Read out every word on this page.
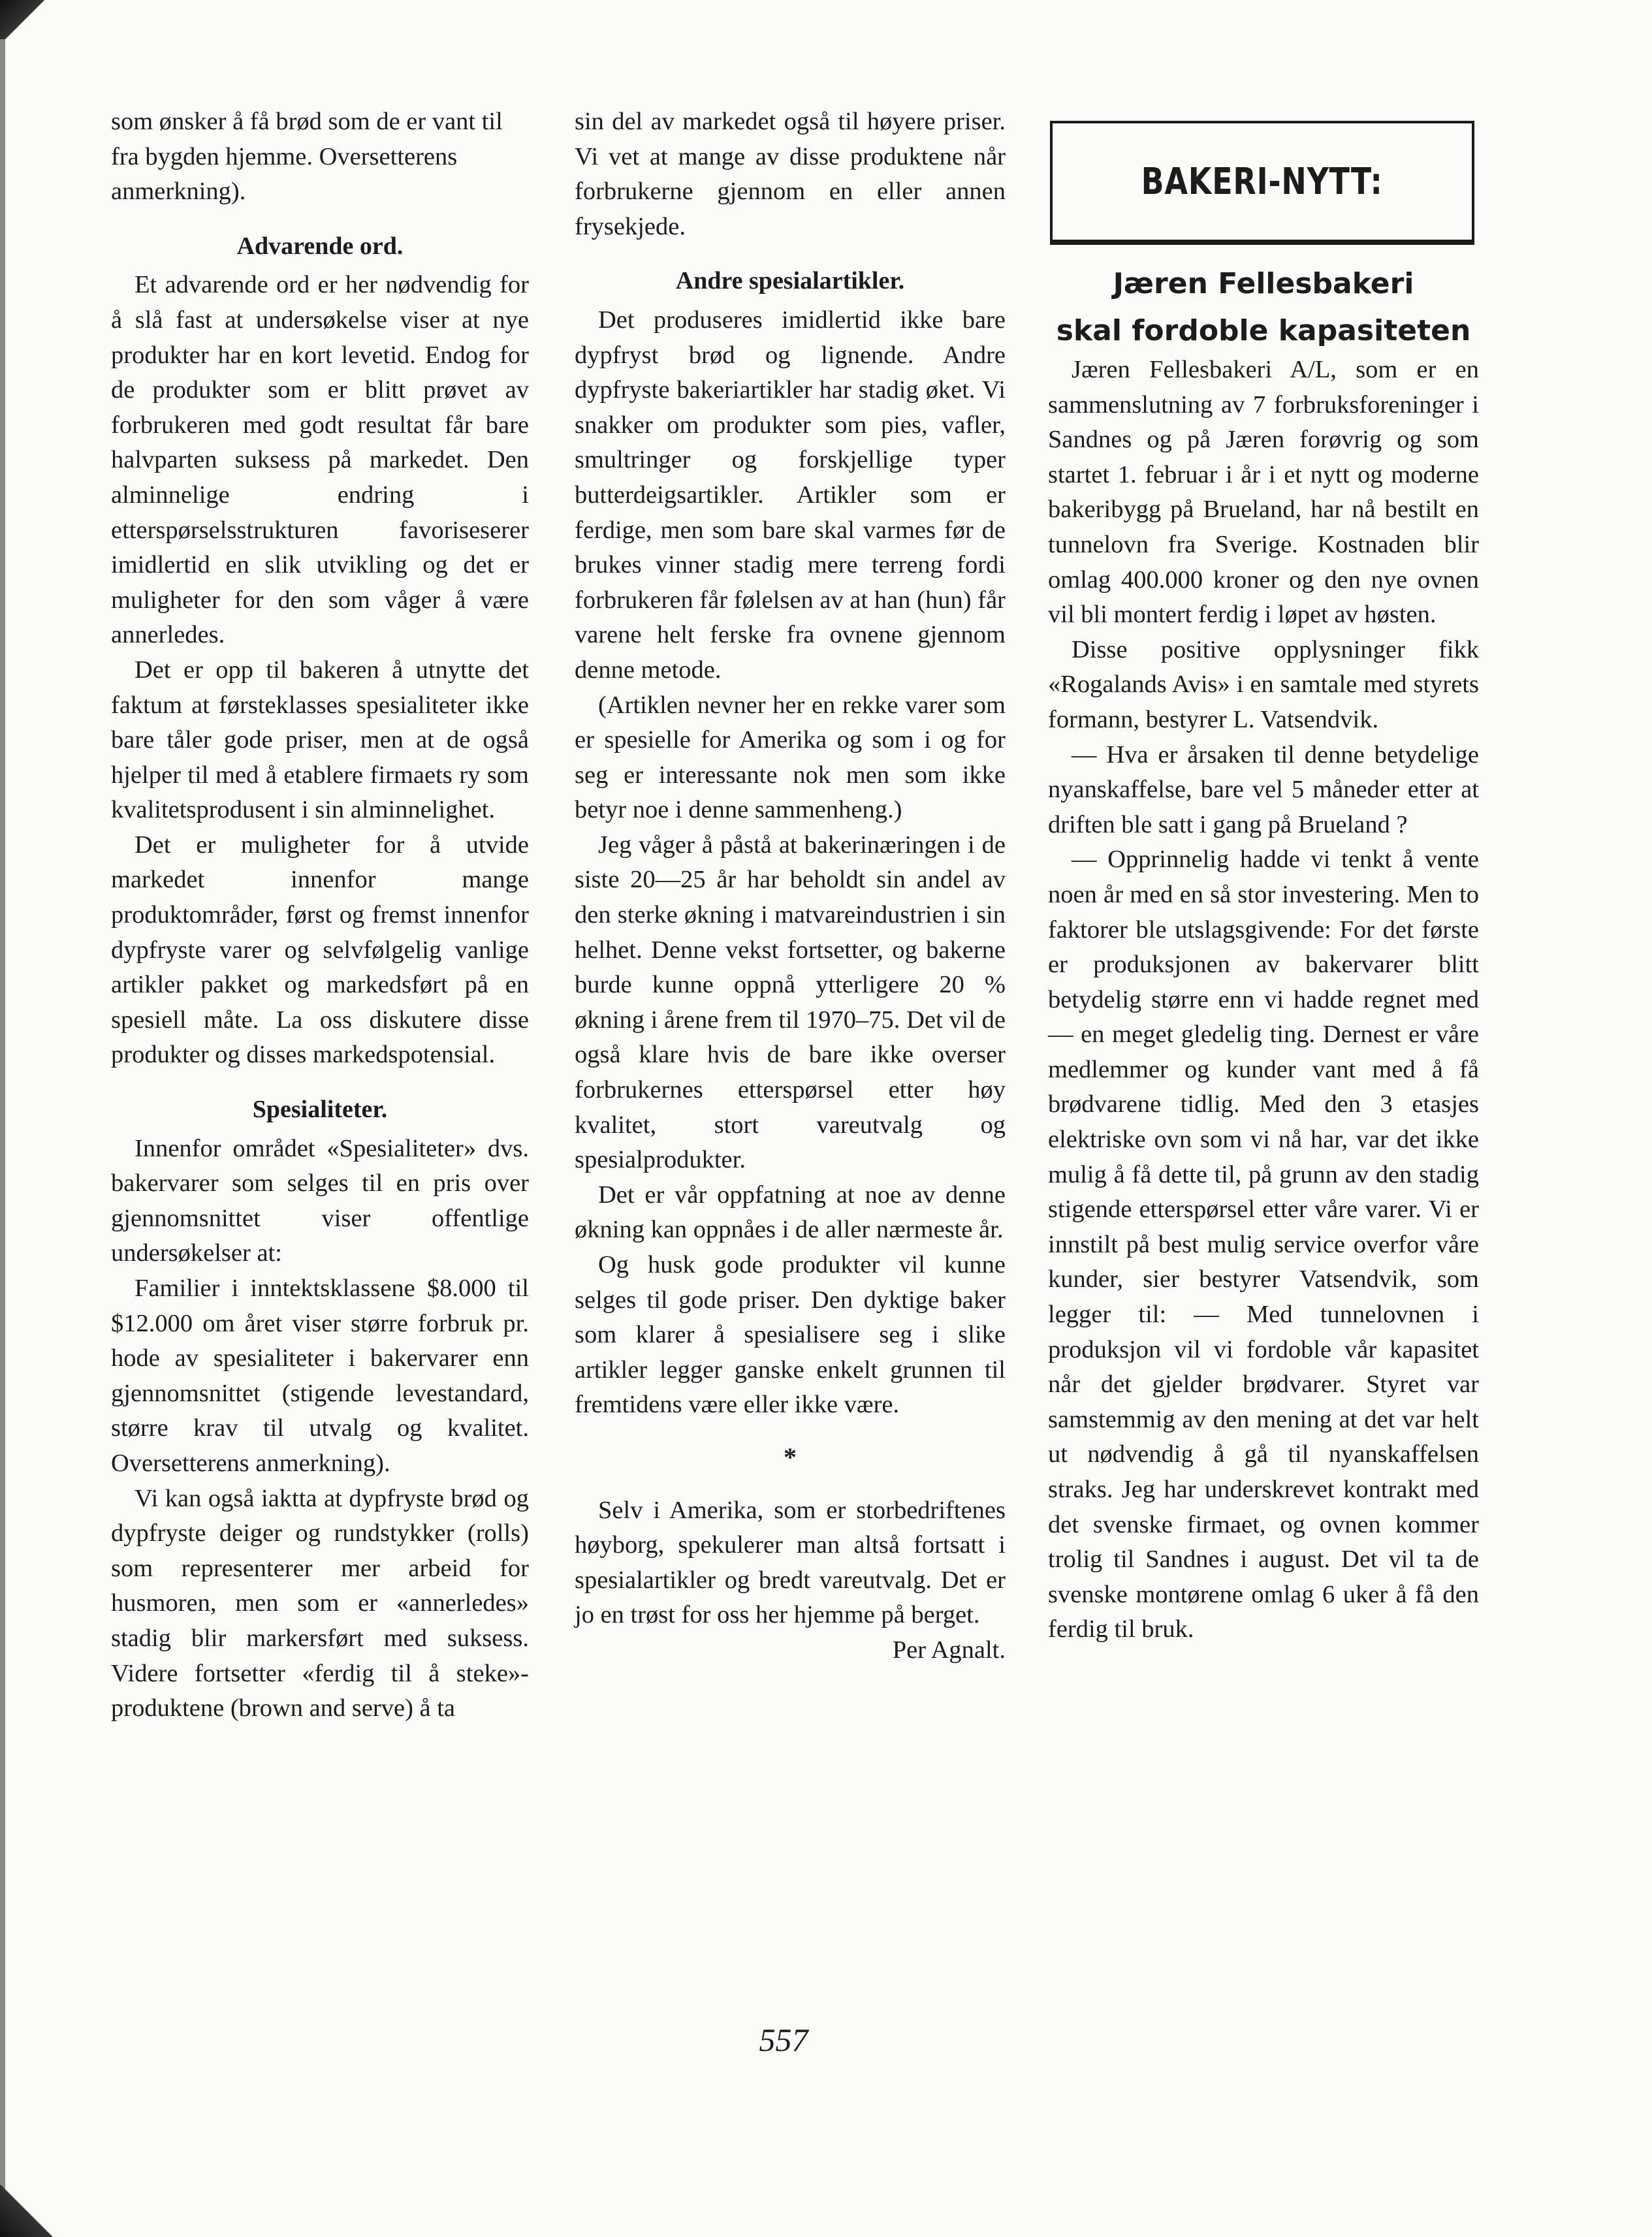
som ønsker å få brød som de er vant til fra bygden hjemme. Oversetterens anmerkning).

Advarende ord.

Et advarende ord er her nødvendig for å slå fast at undersøkelse viser at nye produkter har en kort levetid. Endog for de produkter som er blitt prøvet av forbrukeren med godt resultat får bare halvparten suksess på markedet. Den alminnelige endring i etterspørselsstrukturen favoriseserer imidlertid en slik utvikling og det er muligheter for den som våger å være annerledes.

Det er opp til bakeren å utnytte det faktum at førsteklasses spesialiteter ikke bare tåler gode priser, men at de også hjelper til med å etablere firmaets ry som kvalitetsprodusent i sin alminnelighet.

Det er muligheter for å utvide markedet innenfor mange produktområder, først og fremst innenfor dypfryste varer og selvfølgelig vanlige artikler pakket og markedsført på en spesiell måte. La oss diskutere disse produkter og disses markedspotensial.

Spesialiteter.

Innenfor området «Spesialiteter» dvs. bakervarer som selges til en pris over gjennomsnittet viser offentlige undersøkelser at:

Familier i inntektsklassene $8.000 til $12.000 om året viser større forbruk pr. hode av spesialiteter i bakervarer enn gjennomsnittet (stigende levestandard, større krav til utvalg og kvalitet. Oversetterens anmerkning).

Vi kan også iaktta at dypfryste brød og dypfryste deiger og rundstykker (rolls) som representerer mer arbeid for husmoren, men som er «annerledes» stadig blir markersført med suksess. Videre fortsetter «ferdig til å steke»-produktene (brown and serve) å ta

sin del av markedet også til høyere priser. Vi vet at mange av disse produktene når forbrukerne gjennom en eller annen frysekjede.

Andre spesialartikler.

Det produseres imidlertid ikke bare dypfryst brød og lignende. Andre dypfryste bakeriartikler har stadig øket. Vi snakker om produkter som pies, vafler, smultringer og forskjellige typer butterdeigsartikler. Artikler som er ferdige, men som bare skal varmes før de brukes vinner stadig mere terreng fordi forbrukeren får følelsen av at han (hun) får varene helt ferske fra ovnene gjennom denne metode.

(Artiklen nevner her en rekke varer som er spesielle for Amerika og som i og for seg er interessante nok men som ikke betyr noe i denne sammenheng.)

Jeg våger å påstå at bakerinæringen i de siste 20—25 år har beholdt sin andel av den sterke økning i matvareindustrien i sin helhet. Denne vekst fortsetter, og bakerne burde kunne oppnå ytterligere 20 % økning i årene frem til 1970–75. Det vil de også klare hvis de bare ikke overser forbrukernes etterspørsel etter høy kvalitet, stort vareutvalg og spesialprodukter.

Det er vår oppfatning at noe av denne økning kan oppnåes i de aller nærmeste år.

Og husk gode produkter vil kunne selges til gode priser. Den dyktige baker som klarer å spesialisere seg i slike artikler legger ganske enkelt grunnen til fremtidens være eller ikke være.

*

Selv i Amerika, som er storbedriftenes høyborg, spekulerer man altså fortsatt i spesialartikler og bredt vareutvalg. Det er jo en trøst for oss her hjemme på berget.

Per Agnalt.
BAKERI-NYTT:
Jæren Fellesbakeri
skal fordoble kapasiteten

Jæren Fellesbakeri A/L, som er en sammenslutning av 7 forbruksforeninger i Sandnes og på Jæren forøvrig og som startet 1. februar i år i et nytt og moderne bakeribygg på Brueland, har nå bestilt en tunnelovn fra Sverige. Kostnaden blir omlag 400.000 kroner og den nye ovnen vil bli montert ferdig i løpet av høsten.

Disse positive opplysninger fikk «Rogalands Avis» i en samtale med styrets formann, bestyrer L. Vatsendvik.

— Hva er årsaken til denne betydelige nyanskaffelse, bare vel 5 måneder etter at driften ble satt i gang på Brueland ?

— Opprinnelig hadde vi tenkt å vente noen år med en så stor investering. Men to faktorer ble utslagsgivende: For det første er produksjonen av bakervarer blitt betydelig større enn vi hadde regnet med — en meget gledelig ting. Dernest er våre medlemmer og kunder vant med å få brødvarene tidlig. Med den 3 etasjes elektriske ovn som vi nå har, var det ikke mulig å få dette til, på grunn av den stadig stigende etterspørsel etter våre varer. Vi er innstilt på best mulig service overfor våre kunder, sier bestyrer Vatsendvik, som legger til: — Med tunnelovnen i produksjon vil vi fordoble vår kapasitet når det gjelder brødvarer. Styret var samstemmig av den mening at det var helt ut nødvendig å gå til nyanskaffelsen straks. Jeg har underskrevet kontrakt med det svenske firmaet, og ovnen kommer trolig til Sandnes i august. Det vil ta de svenske montørene omlag 6 uker å få den ferdig til bruk.

557
